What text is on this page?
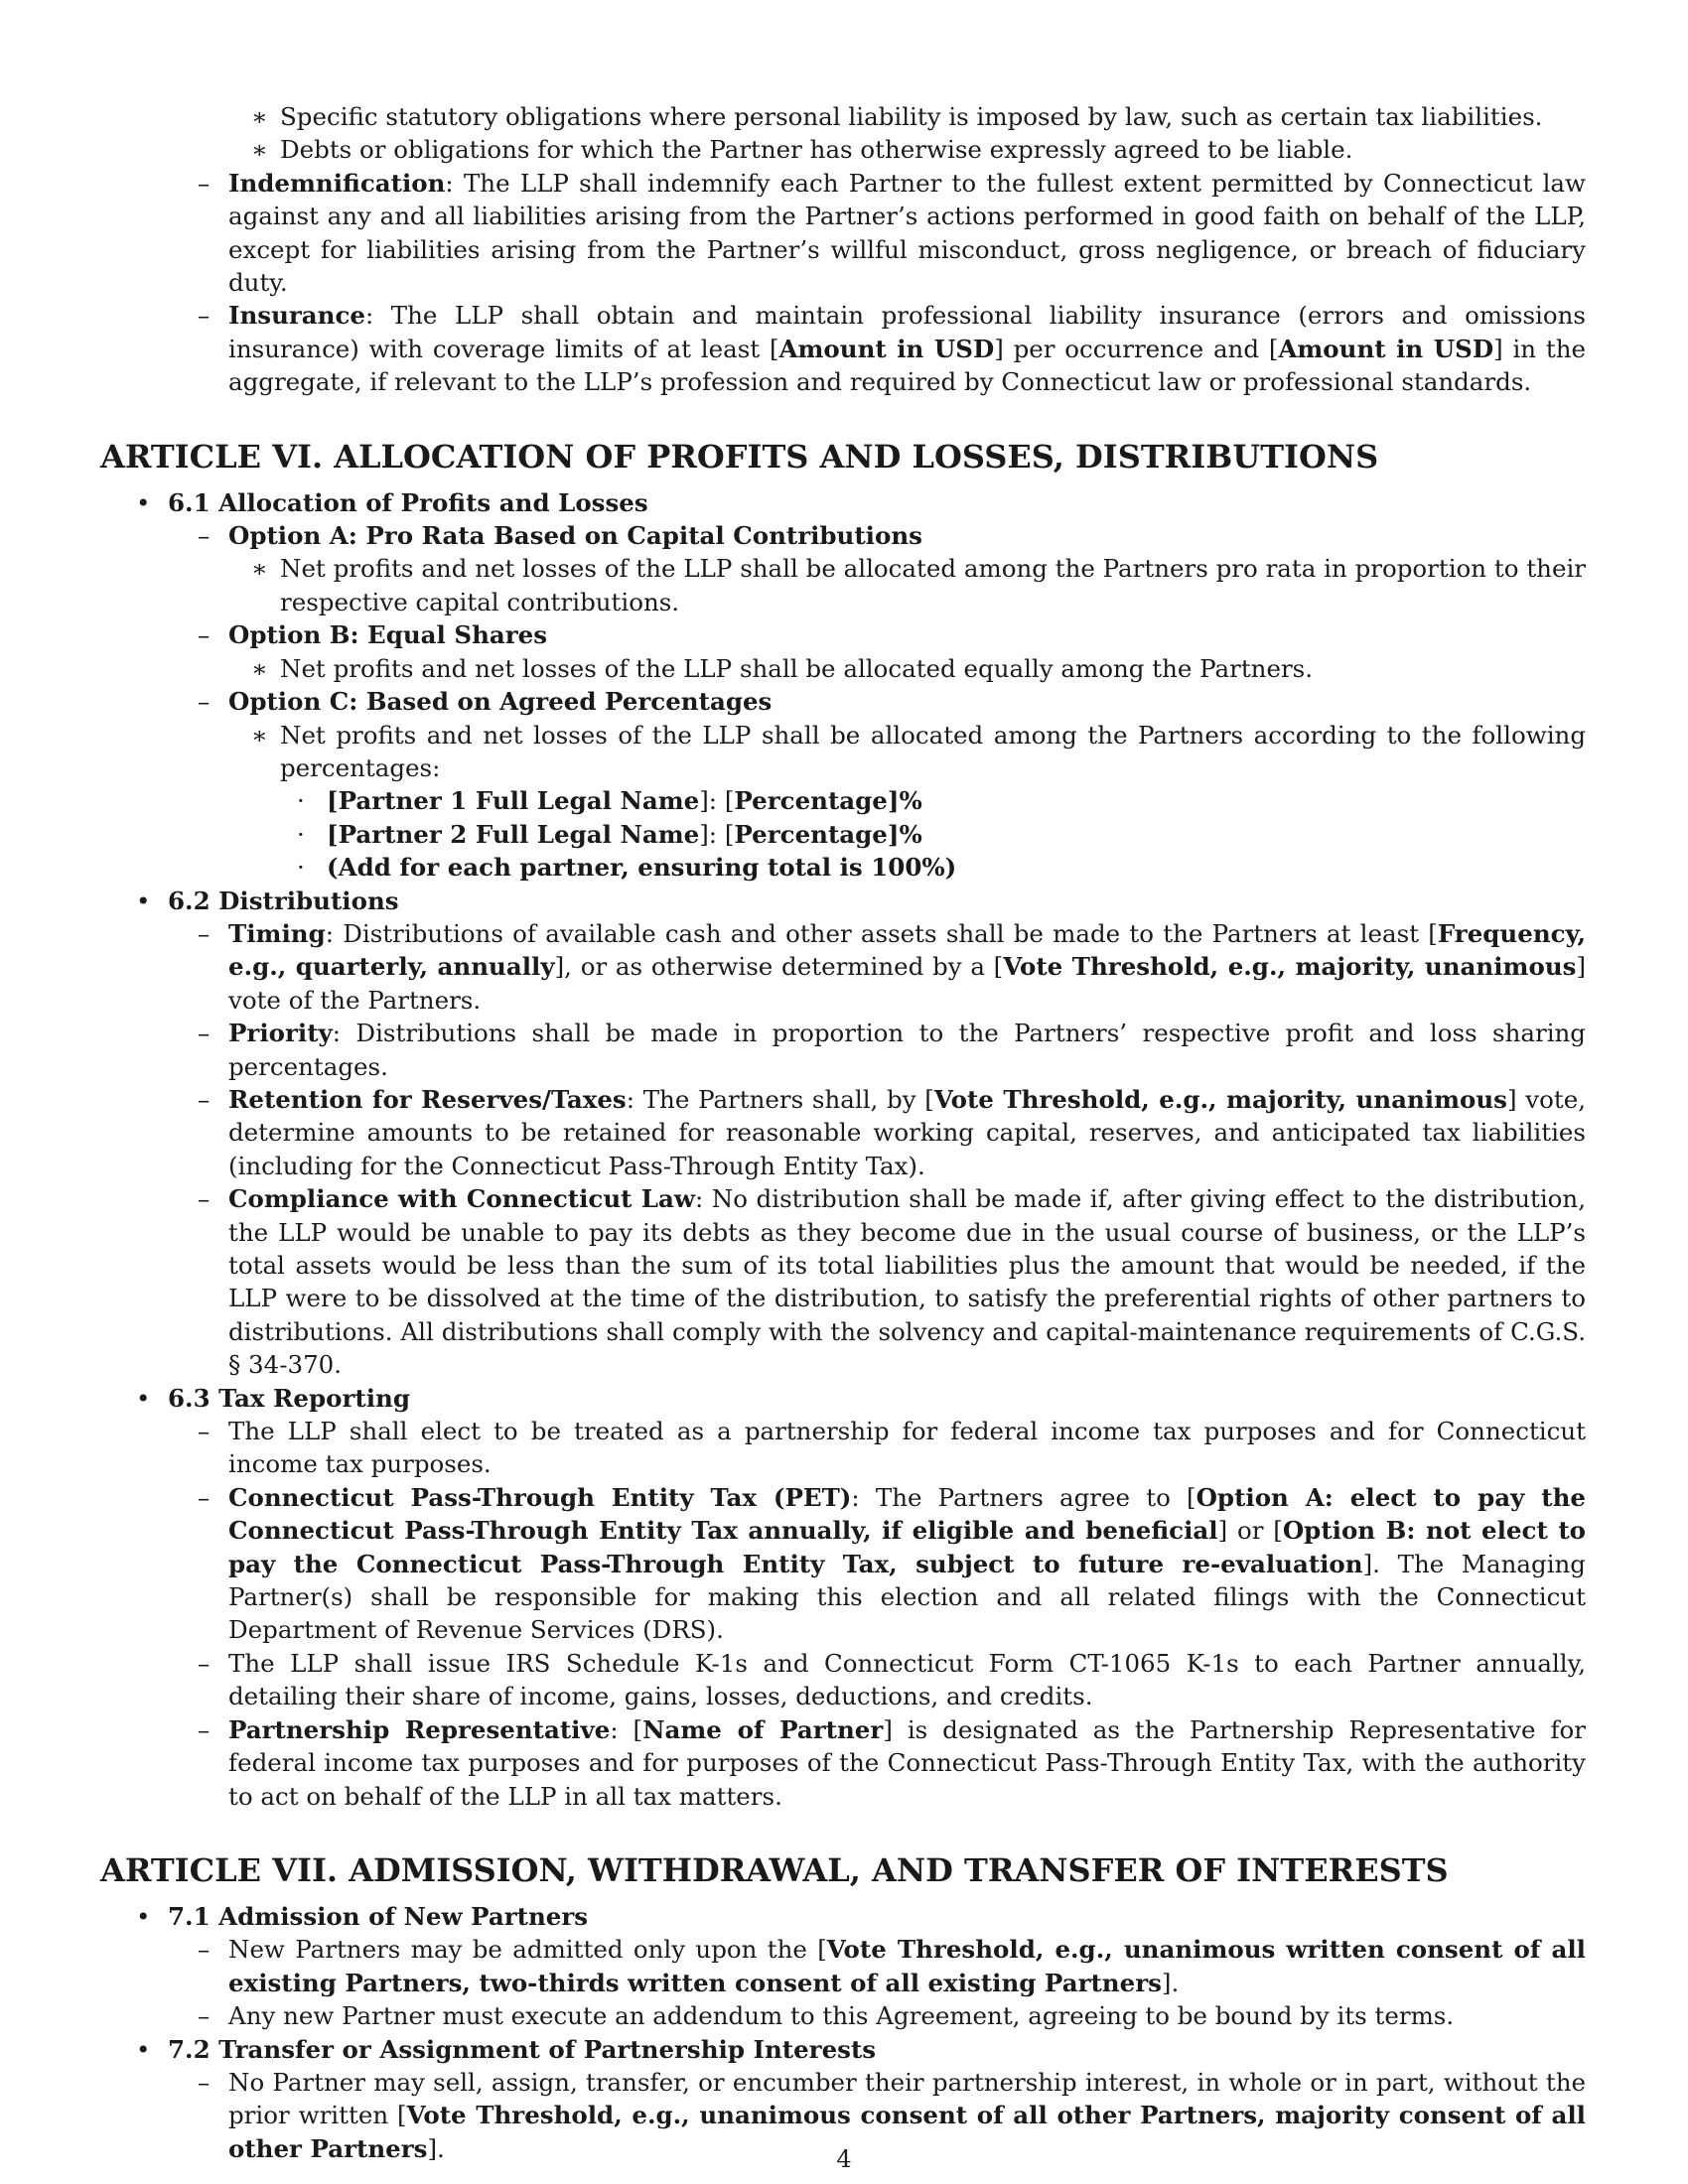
∗ Specific statutory obligations where personal liability is imposed by law, such as certain tax liabilities.
∗ Debts or obligations for which the Partner has otherwise expressly agreed to be liable.
– Indemnification: The LLP shall indemnify each Partner to the fullest extent permitted by Connecticut law against any and all liabilities arising from the Partner’s actions performed in good faith on behalf of the LLP, except for liabilities arising from the Partner’s willful misconduct, gross negligence, or breach of fiduciary duty.
– Insurance: The LLP shall obtain and maintain professional liability insurance (errors and omissions insurance) with coverage limits of at least [Amount in USD] per occurrence and [Amount in USD] in the aggregate, if relevant to the LLP’s profession and required by Connecticut law or professional standards.
ARTICLE VI. ALLOCATION OF PROFITS AND LOSSES, DISTRIBUTIONS
• 6.1 Allocation of Profits and Losses
– Option A: Pro Rata Based on Capital Contributions
∗ Net profits and net losses of the LLP shall be allocated among the Partners pro rata in proportion to their respective capital contributions.
– Option B: Equal Shares
∗ Net profits and net losses of the LLP shall be allocated equally among the Partners.
– Option C: Based on Agreed Percentages
∗ Net profits and net losses of the LLP shall be allocated among the Partners according to the following percentages:
· [Partner 1 Full Legal Name]: [Percentage]%
· [Partner 2 Full Legal Name]: [Percentage]%
· (Add for each partner, ensuring total is 100%)
• 6.2 Distributions
– Timing: Distributions of available cash and other assets shall be made to the Partners at least [Frequency, e.g., quarterly, annually], or as otherwise determined by a [Vote Threshold, e.g., majority, unanimous] vote of the Partners.
– Priority: Distributions shall be made in proportion to the Partners’ respective profit and loss sharing percentages.
– Retention for Reserves/Taxes: The Partners shall, by [Vote Threshold, e.g., majority, unanimous] vote, determine amounts to be retained for reasonable working capital, reserves, and anticipated tax liabilities (including for the Connecticut Pass-Through Entity Tax).
– Compliance with Connecticut Law: No distribution shall be made if, after giving effect to the distribution, the LLP would be unable to pay its debts as they become due in the usual course of business, or the LLP’s total assets would be less than the sum of its total liabilities plus the amount that would be needed, if the LLP were to be dissolved at the time of the distribution, to satisfy the preferential rights of other partners to distributions. All distributions shall comply with the solvency and capital-maintenance requirements of C.G.S. § 34-370.
• 6.3 Tax Reporting
– The LLP shall elect to be treated as a partnership for federal income tax purposes and for Connecticut income tax purposes.
– Connecticut Pass-Through Entity Tax (PET): The Partners agree to [Option A: elect to pay the Connecticut Pass-Through Entity Tax annually, if eligible and beneficial] or [Option B: not elect to pay the Connecticut Pass-Through Entity Tax, subject to future re-evaluation]. The Managing Partner(s) shall be responsible for making this election and all related filings with the Connecticut Department of Revenue Services (DRS).
– The LLP shall issue IRS Schedule K-1s and Connecticut Form CT-1065 K-1s to each Partner annually, detailing their share of income, gains, losses, deductions, and credits.
– Partnership Representative: [Name of Partner] is designated as the Partnership Representative for federal income tax purposes and for purposes of the Connecticut Pass-Through Entity Tax, with the authority to act on behalf of the LLP in all tax matters.
ARTICLE VII. ADMISSION, WITHDRAWAL, AND TRANSFER OF INTERESTS
• 7.1 Admission of New Partners
– New Partners may be admitted only upon the [Vote Threshold, e.g., unanimous written consent of all existing Partners, two-thirds written consent of all existing Partners].
– Any new Partner must execute an addendum to this Agreement, agreeing to be bound by its terms.
• 7.2 Transfer or Assignment of Partnership Interests
– No Partner may sell, assign, transfer, or encumber their partnership interest, in whole or in part, without the prior written [Vote Threshold, e.g., unanimous consent of all other Partners, majority consent of all other Partners].	4
